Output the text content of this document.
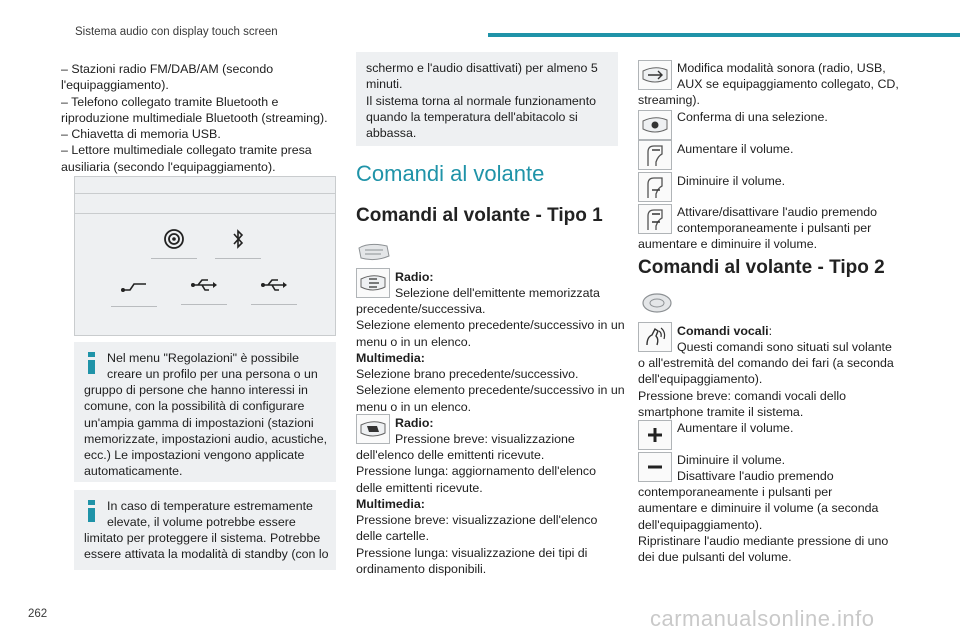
Sistema audio con display touch screen
– Stazioni radio FM/DAB/AM (secondo
l'equipaggiamento).
– Telefono collegato tramite Bluetooth e
riproduzione multimediale Bluetooth (streaming).
– Chiavetta di memoria USB.
– Lettore multimediale collegato tramite presa
ausiliaria (secondo l'equipaggiamento).
Nel menu "Regolazioni" è possibile
creare un profilo per una persona o un
gruppo di persone che hanno interessi in
comune, con la possibilità di configurare
un'ampia gamma di impostazioni (stazioni
memorizzate, impostazioni audio, acustiche,
ecc.) Le impostazioni vengono applicate
automaticamente.
In caso di temperature estremamente
elevate, il volume potrebbe essere
limitato per proteggere il sistema. Potrebbe
essere attivata la modalità di standby (con lo
schermo e l'audio disattivati) per almeno 5
minuti.
Il sistema torna al normale funzionamento
quando la temperatura dell'abitacolo si
abbassa.
Comandi al volante
Comandi al volante - Tipo 1
Radio:
Selezione dell'emittente memorizzata
precedente/successiva.
Selezione elemento precedente/successivo in un
menu o in un elenco.
Multimedia:
Selezione brano precedente/successivo.
Selezione elemento precedente/successivo in un
menu o in un elenco.
Radio:
Pressione breve: visualizzazione
dell'elenco delle emittenti ricevute.
Pressione lunga: aggiornamento dell'elenco
delle emittenti ricevute.
Multimedia:
Pressione breve: visualizzazione dell'elenco
delle cartelle.
Pressione lunga: visualizzazione dei tipi di
ordinamento disponibili.
Modifica modalità sonora (radio, USB,
AUX se equipaggiamento collegato, CD,
streaming).
Conferma di una selezione.
Aumentare il volume.
Diminuire il volume.
Attivare/disattivare l'audio premendo
contemporaneamente i pulsanti per
aumentare e diminuire il volume.
Comandi al volante - Tipo 2
Comandi vocali:
Questi comandi sono situati sul volante
o all'estremità del comando dei fari (a seconda
dell'equipaggiamento).
Pressione breve: comandi vocali dello
smartphone tramite il sistema.
Aumentare il volume.
Diminuire il volume.
Disattivare l'audio premendo
contemporaneamente i pulsanti per
aumentare e diminuire il volume (a seconda
dell'equipaggiamento).
Ripristinare l'audio mediante pressione di uno
dei due pulsanti del volume.
262	carmanualsonline.info
